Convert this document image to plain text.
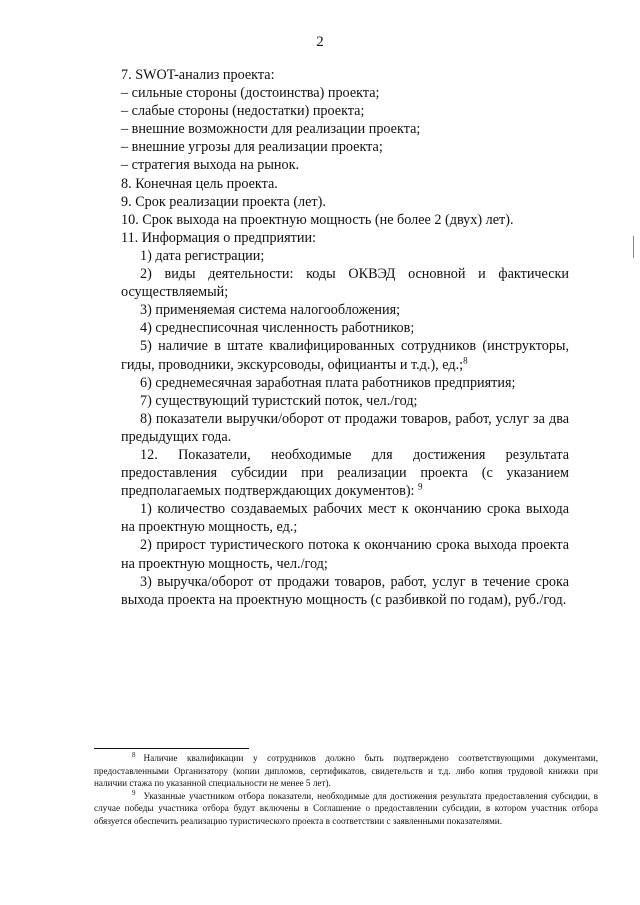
2

7. SWOT-анализ проекта:

– сильные стороны (достоинства) проекта;

– слабые стороны (недостатки) проекта;

– внешние возможности для реализации проекта;

– внешние угрозы для реализации проекта;

– стратегия выхода на рынок.

8. Конечная цель проекта.

9. Срок реализации проекта (лет).

10. Срок выхода на проектную мощность (не более 2 (двух) лет).

11. Информация о предприятии:

1) дата регистрации;

2) виды деятельности: коды ОКВЭД основной и фактически осуществляемый;

3) применяемая система налогообложения;

4) среднесписочная численность работников;

5) наличие в штате квалифицированных сотрудников (инструкторы, гиды, проводники, экскурсоводы, официанты и т.д.), ед.;$^8$

6) среднемесячная заработная плата работников предприятия;

7) существующий туристский поток, чел./год;

8) показатели выручки/оборот от продажи товаров, работ, услуг за два предыдущих года.

12. Показатели, необходимые для достижения результата предоставления субсидии при реализации проекта (с указанием предполагаемых подтверждающих документов): $^9$

1) количество создаваемых рабочих мест к окончанию срока выхода на проектную мощность, ед.;

2) прирост туристического потока к окончанию срока выхода проекта на проектную мощность, чел./год;

3) выручка/оборот от продажи товаров, работ, услуг в течение срока выхода проекта на проектную мощность (с разбивкой по годам), руб./год.

$^8$ Наличие квалификации у сотрудников должно быть подтверждено соответствующими документами, предоставленными Организатору (копии дипломов, сертификатов, свидетельств и т.д. либо копия трудовой книжки при наличии стажа по указанной специальности не менее 5 лет).

$^9$ Указанные участником отбора показатели, необходимые для достижения результата предоставления субсидии, в случае победы участника отбора будут включены в Соглашение о предоставлении субсидии, в котором участник отбора обязуется обеспечить реализацию туристического проекта в соответствии с заявленными показателями.
